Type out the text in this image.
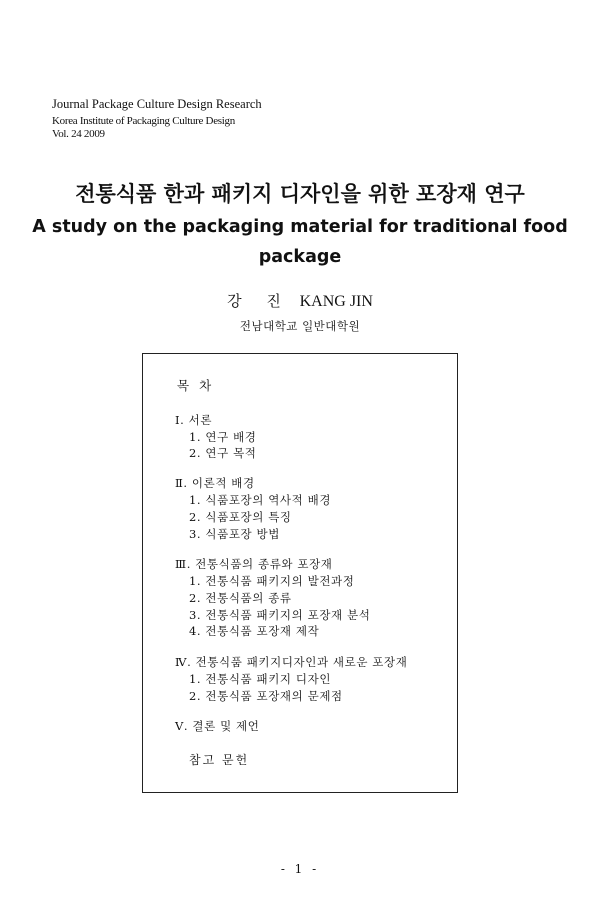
Journal Package Culture Design Research
Korea Institute of Packaging Culture Design
Vol. 24 2009
전통식품 한과 패키지 디자인을 위한 포장재 연구
A study on the packaging material for traditional food
package
강 진 KANG JIN
전남대학교 일반대학원
목차
Ⅰ. 서론
1. 연구 배경
2. 연구 목적
Ⅱ. 이론적 배경
1. 식품포장의 역사적 배경
2. 식품포장의 특징
3. 식품포장 방법
Ⅲ. 전통식품의 종류와 포장재
1. 전통식품 패키지의 발전과정
2. 전통식품의 종류
3. 전통식품 패키지의 포장재 분석
4. 전통식품 포장재 제작
Ⅳ. 전통식품 패키지디자인과 새로운 포장재
1. 전통식품 패키지 디자인
2. 전통식품 포장재의 문제점
Ⅴ. 결론 및 제언
참고 문헌
- 1 -
